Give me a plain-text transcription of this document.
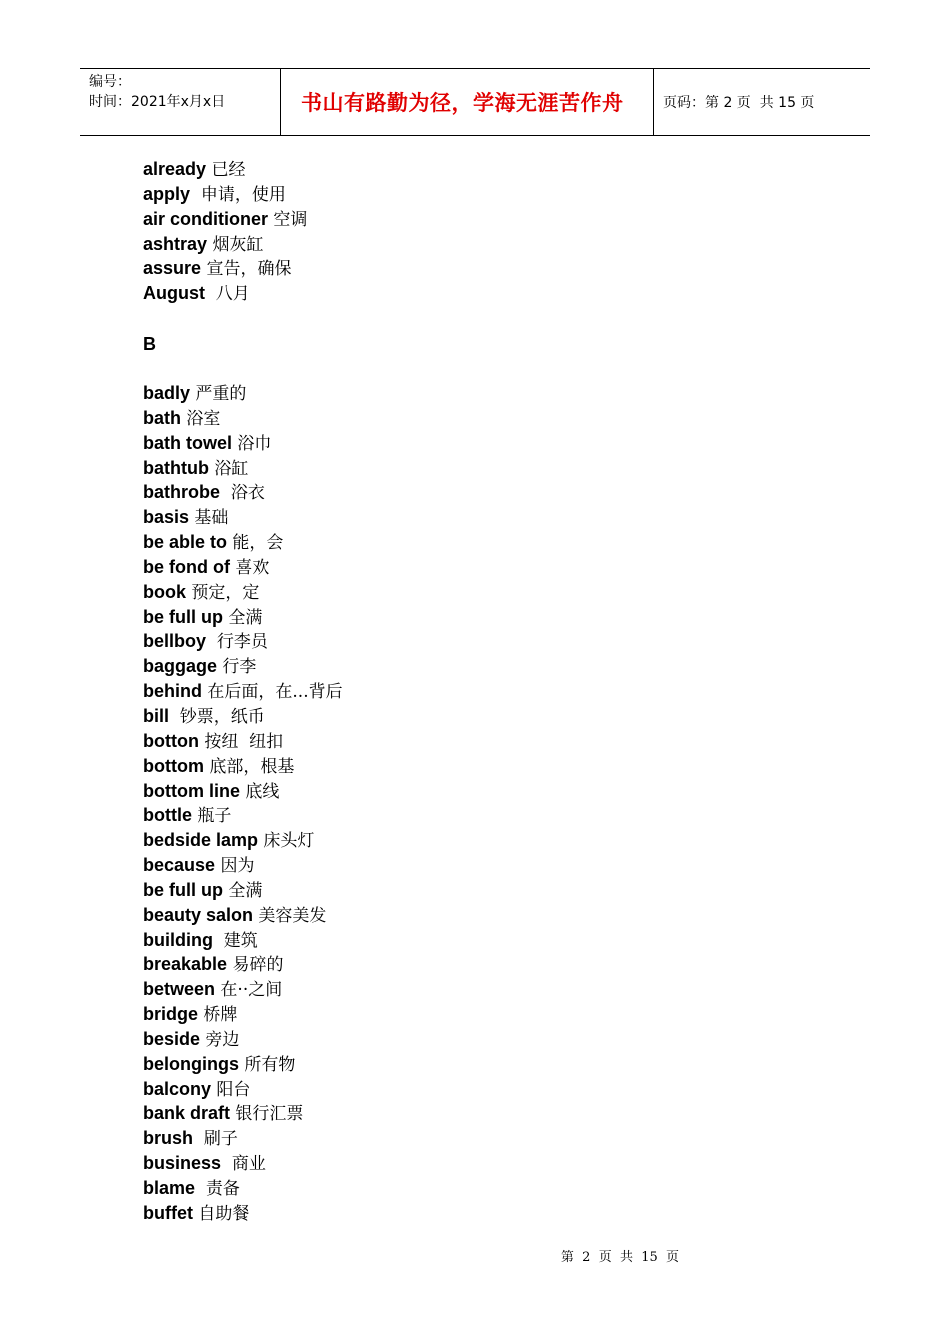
编号：
时间：2021年x月x日	书山有路勤为径，学海无涯苦作舟	页码：第 2 页  共 15 页
already 已经
apply  申请，使用
air conditioner 空调
ashtray 烟灰缸
assure 宣告，确保
August  八月
B
badly 严重的
bath 浴室
bath towel 浴巾
bathtub 浴缸
bathrobe  浴衣
basis 基础
be able to 能，会
be fond of 喜欢
book 预定，定
be full up 全满
bellboy  行李员
baggage 行李
behind 在后面，在...背后
bill  钞票，纸币
botton 按纽  纽扣
bottom 底部，根基
bottom line 底线
bottle 瓶子
bedside lamp 床头灯
because 因为
be full up 全满
beauty salon 美容美发
building  建筑
breakable 易碎的
between 在··之间
bridge 桥牌
beside 旁边
belongings 所有物
balcony 阳台
bank draft 银行汇票
brush  刷子
business  商业
blame  责备
buffet 自助餐
第  2  页  共  15  页
